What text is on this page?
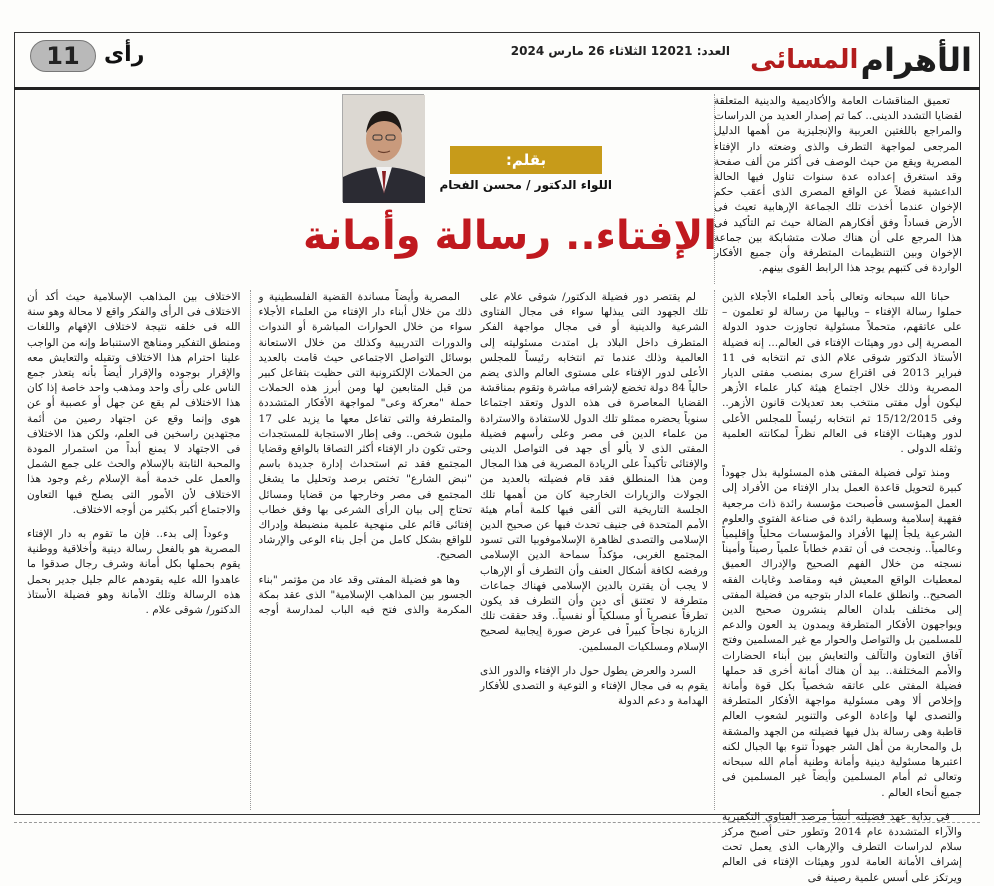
11 رأى	العدد: 12021 الثلاثاء 26 مارس 2024	الأهرام
المسائى
بقلم:
اللواء الدكتور / محسن الفحام
الإفتاء.. رسالة وأمانة

حبانا الله سبحانه وتعالى بأحد العلماء الأجلاء الذين حملوا رسالة الإفتاء – وياليها من رسالة لو تعلمون – على عاتقهم، متحملاً مسئولية تجاوزت حدود الدولة المصرية إلى دور وهيئات الإفتاء فى العالم... إنه فضيلة الأستاذ الدكتور شوقى علام الذى تم انتخابه فى 11 فبراير 2013 فى اقتراع سرى بمنصب مفتى الديار المصرية وذلك خلال اجتماع هيئة كبار علماء الأزهر ليكون أول مفتى منتخب بعد تعديلات قانون الأزهر.. وفى 15/12/2015 تم انتخابه رئيساً للمجلس الأعلى لدور وهيئات الإفتاء فى العالم نظراً لمكانته العلمية وثقله الدولى .

ومنذ تولى فضيلة المفتى هذه المسئولية بذل جهوداً كبيرة لتحويل قاعدة العمل بدار الإفتاء من الأفراد إلى العمل المؤسسى فأصبحت مؤسسة رائدة ذات مرجعية فقهية إسلامية وسطية رائدة فى صناعة الفتوى والعلوم الشرعية يلجأ إليها الأفراد والمؤسسات محلياً وإقليمياً وعالمياً.. ونجحت فى أن تقدم خطاباً علمياً رصيناً وأميناً نسجته من خلال الفهم الصحيح والإدراك العميق لمعطيات الواقع المعيش فيه ومقاصد وغايات الفقه الصحيح.. وانطلق علماء الدار بتوجيه من فضيلة المفتى إلى مختلف بلدان العالم ينشرون صحيح الدين ويواجهون الأفكار المتطرفة ويمدون يد العون والدعم للمسلمين بل والتواصل والحوار مع غير المسلمين وفتح آفاق التعاون والتآلف والتعايش بين أبناء الحضارات والأمم المختلفة.. بيد أن هناك أمانة أخرى قد حملها فضيلة المفتى على عاتقه شخصياً بكل قوة وأمانة وإخلاص ألا وهى مسئولية مواجهة الأفكار المتطرفة والتصدى لها وإعادة الوعى والتنوير لشعوب العالم قاطبة وهى رسالة بذل فيها فضيلته من الجهد والمشقة بل والمحاربة من أهل الشر جهوداً تنوء بها الجبال لكنه اعتبرها مسئولية دينية وأمانة وطنية أمام الله سبحانه وتعالى ثم أمام المسلمين وأيضاً غير المسلمين فى جميع أنحاء العالم .

فى بداية عهد فضيلته أنشأ مرصد الفتاوى التكفيرية والآراء المتشددة عام 2014 وتطور حتى أصبح مركز سلام لدراسات التطرف والإرهاب الذى يعمل تحت إشراف الأمانة العامة لدور وهيئات الإفتاء فى العالم ويرتكز على أسس علمية رصينة فى

تعميق المناقشات العامة والأكاديمية والدينية المتعلقة لقضايا التشدد الدينى.. كما تم إصدار العديد من الدراسات والمراجع باللغتين العربية والإنجليزية من أهمها الدليل المرجعى لمواجهة التطرف والذى وضعته دار الإفتاء المصرية ويقع من حيث الوصف فى أكثر من ألف صفحة وقد استغرق إعداده عدة سنوات تناول فيها الحالة الداعشية فضلاً عن الواقع المصرى الذى أعقب حكم الإخوان عندما أخذت تلك الجماعة الإرهابية تعيث فى الأرض فساداً وفق أفكارهم الضالة حيث تم التأكيد فى هذا المرجع على أن هناك صلات متشابكة بين جماعة الإخوان وبين التنظيمات المتطرفة وأن جميع الأفكار الواردة فى كتبهم يوجد هذا الرابط القوى بينهم.

لم يقتصر دور فضيلة الدكتور/ شوقى علام على تلك الجهود التى يبذلها سواء فى مجال الفتاوى الشرعية والدينية أو فى مجال مواجهة الفكر المتطرف داخل البلاد بل امتدت مسئوليته إلى العالمية وذلك عندما تم انتخابه رئيساً للمجلس الأعلى لدور الإفتاء على مستوى العالم والذى يضم حالياً 84 دولة تخضع لإشرافه مباشرة وتقوم بمناقشة القضايا المعاصرة فى هذه الدول وتعقد اجتماعا سنوياً يحضره ممثلو تلك الدول للاستفادة والاسترادة من علماء الدين فى مصر وعلى رأسهم فضيلة المفتى الذى لا يألو أى جهد فى التواصل الدينى والإفتائى تأكيداً على الريادة المصرية فى هذا المجال ومن هذا المنطلق فقد قام فضيلته بالعديد من الجولات والزيارات الخارجية كان من أهمها تلك الجلسة التاريخية التى ألقى فيها كلمة أمام هيئة الأمم المتحدة فى جنيف تحدث فيها عن صحيح الدين الإسلامى والتصدى لظاهرة الإسلاموفوبيا التى تسود المجتمع الغربى، مؤكداً سماحة الدين الإسلامى ورفضه لكافة أشكال العنف وأن التطرف أو الإرهاب لا يجب أن يقترن بالدين الإسلامى فهناك جماعات متطرفة لا تعتنق أى دين وأن التطرف قد يكون تطرفاً عنصرياً أو مسلكياً أو نفسياً.. وقد حققت تلك الزيارة نجاحاً كبيراً فى عرض صورة إيجابية لصحيح الإسلام ومسلكيات المسلمين.

السرد والعرض يطول حول دار الإفتاء والدور الذى يقوم به فى مجال الإفتاء و التوعية و التصدى للأفكار الهدامة و دعم الدولة

المصرية وأيضاً مساندة القضية الفلسطينية و ذلك من خلال أبناء دار الإفتاء من العلماء الأجلاء سواء من خلال الحوارات المباشرة أو الندوات والدورات التدريبية وكذلك من خلال الاستعانة بوسائل التواصل الاجتماعى حيث قامت بالعديد من الحملات الإلكترونية التى حظيت بتفاعل كبير من قبل المتابعين لها ومن أبرز هذه الحملات حملة "معركة وعى" لمواجهة الأفكار المتشددة والمتطرفة والتى تفاعل معها ما يزيد على 17 مليون شخص.. وفى إطار الاستجابة للمستجدات وحتى تكون دار الإفتاء أكثر التصاقا بالواقع وقضايا المجتمع فقد تم استحداث إدارة جديدة باسم "نبض الشارع" تختص برصد وتحليل ما يشغل المجتمع فى مصر وخارجها من قضايا ومسائل تحتاج إلى بيان الرأى الشرعى بها وفق خطاب إفتائى قائم على منهجية علمية منضبطة وإدراك للواقع بشكل كامل من أجل بناء الوعى والإرشاد الصحيح.

وها هو فضيلة المفتى وقد عاد من مؤتمر "بناء الجسور بين المذاهب الإسلامية" الذى عقد بمكة المكرمة والذى فتح فيه الباب لمدارسة أوجه الاختلاف بين المذاهب الإسلامية حيث أكد أن الاختلاف فى الرأى والفكر واقع لا محالة وهو سنة الله فى خلقه نتيجة لاختلاف الإفهام واللغات ومنطق التفكير ومناهج الاستنباط وإنه من الواجب علينا احترام هذا الاختلاف وتقبله والتعايش معه والإقرار بوجوده والإقرار أيضاً بأنه يتعذر جمع الناس على رأى واحد ومذهب واحد خاصة إذا كان هذا الاختلاف لم يقع عن جهل أو عصبية أو عن هوى وإنما وقع عن اجتهاد رصين من أئمة مجتهدين راسخين فى العلم، ولكن هذا الاختلاف فى الاجتهاد لا يمنع أبداً من استمرار المودة والمحبة الثابتة بالإسلام والحث على جمع الشمل والعمل على خدمة أمة الإسلام رغم وجود هذا الاختلاف لأن الأمور التى يصلح فيها التعاون والاجتماع أكبر بكثير من أوجه الاختلاف.

وعوداً إلى بدء.. فإن ما تقوم به دار الإفتاء المصرية هو بالفعل رسالة دينية وأخلاقية ووطنية يقوم بحملها بكل أمانة وشرف رجال صدقوا ما عاهدوا الله عليه يقودهم عالم جليل جدير بحمل هذه الرسالة وتلك الأمانة وهو فضيلة الأستاذ الدكتور/ شوقى علام .
